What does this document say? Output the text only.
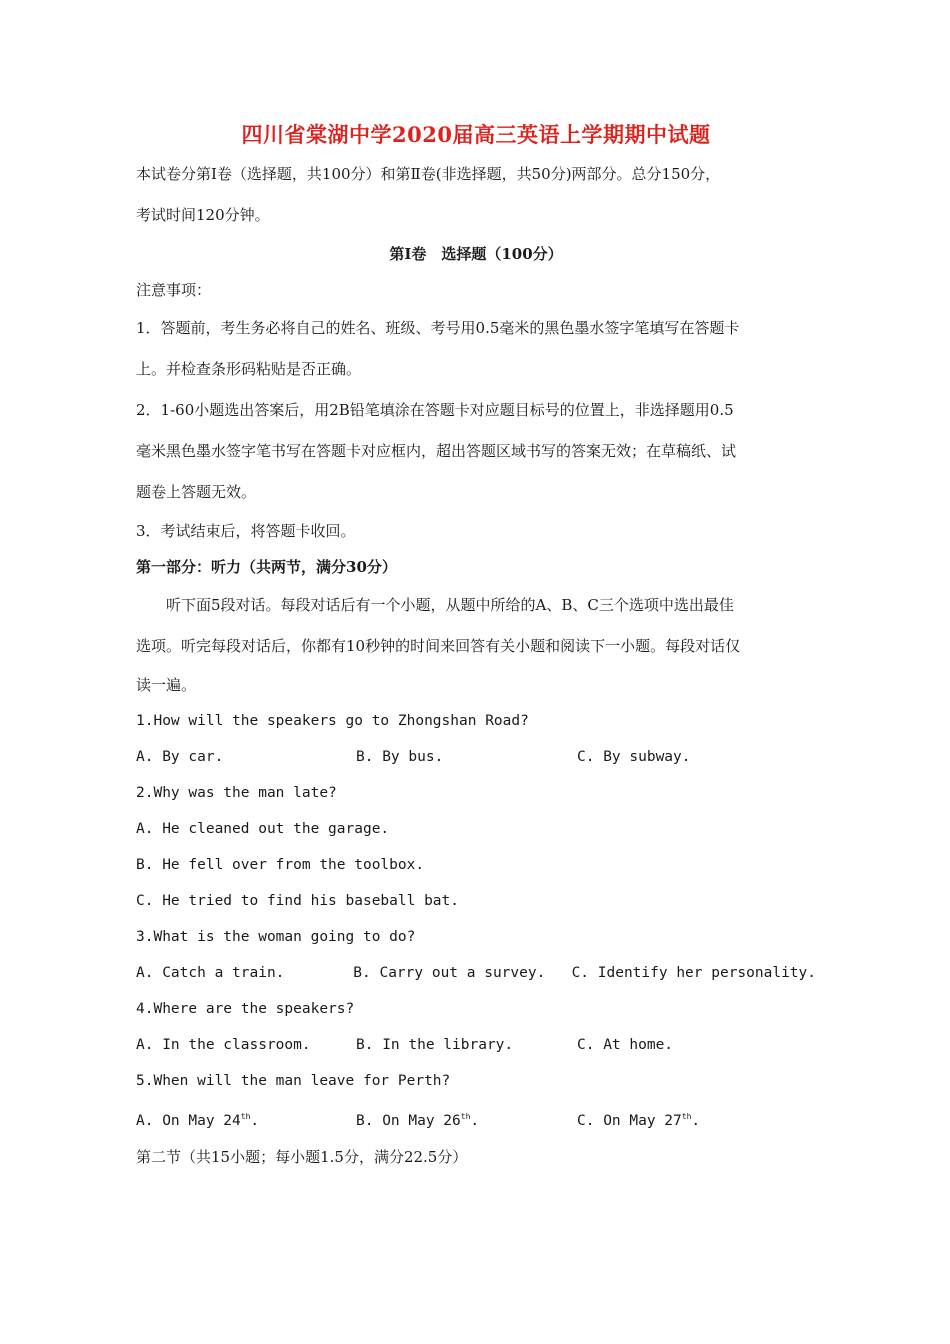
四川省棠湖中学2020届高三英语上学期期中试题

本试卷分第Ⅰ卷（选择题，共100分）和第Ⅱ卷(非选择题，共50分)两部分。总分150分，

考试时间120分钟。

第Ⅰ卷　选择题（100分）

注意事项：

1．答题前，考生务必将自己的姓名、班级、考号用0.5毫米的黑色墨水签字笔填写在答题卡

上。并检查条形码粘贴是否正确。

2．1-60小题选出答案后，用2B铅笔填涂在答题卡对应题目标号的位置上，非选择题用0.5

毫米黑色墨水签字笔书写在答题卡对应框内，超出答题区域书写的答案无效；在草稿纸、试

题卷上答题无效。

3．考试结束后，将答题卡收回。

第一部分：听力（共两节，满分30分）

听下面5段对话。每段对话后有一个小题，从题中所给的A、B、C三个选项中选出最佳

选项。听完每段对话后，你都有10秒钟的时间来回答有关小题和阅读下一小题。每段对话仅

读一遍。

1.How will the speakers go to Zhongshan Road?

A. By car.	B. By bus.	C. By subway.

2.Why was the man late?

A. He cleaned out the garage.

B. He fell over from the toolbox.

C. He tried to find his baseball bat.

3.What is the woman going to do?

A. Catch a train.	B. Carry out a survey.	C. Identify her personality.

4.Where are the speakers?

A. In the classroom.	B. In the library.	C. At home.

5.When will the man leave for Perth?

A. On May 24th.	B. On May 26th.	C. On May 27th.

第二节（共15小题；每小题1.5分，满分22.5分）
